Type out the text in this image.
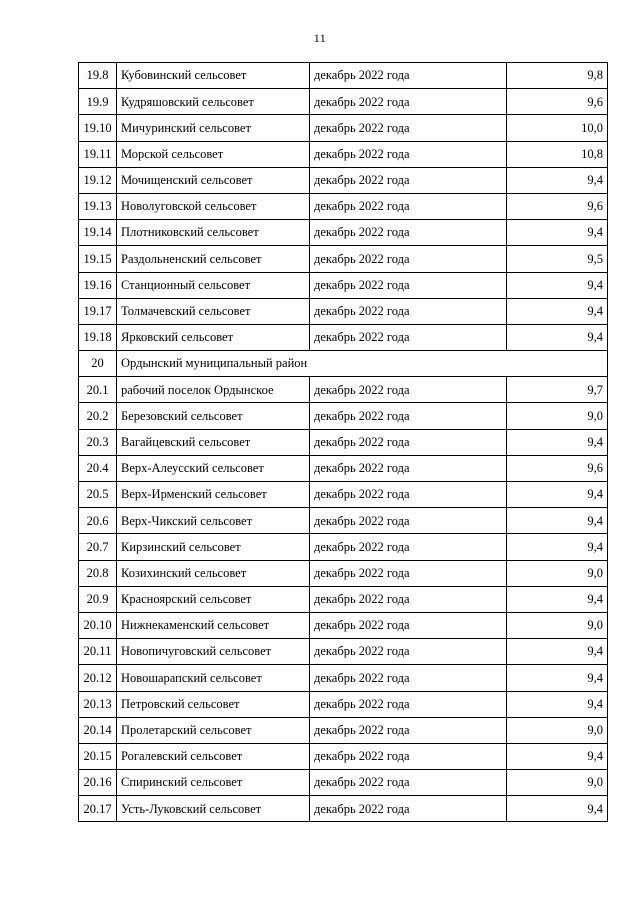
11
19.8	Кубовинский сельсовет	декабрь 2022 года	9,8
19.9	Кудряшовский сельсовет	декабрь 2022 года	9,6
19.10	Мичуринский сельсовет	декабрь 2022 года	10,0
19.11	Морской сельсовет	декабрь 2022 года	10,8
19.12	Мочищенский сельсовет	декабрь 2022 года	9,4
19.13	Новолуговской сельсовет	декабрь 2022 года	9,6
19.14	Плотниковский сельсовет	декабрь 2022 года	9,4
19.15	Раздольненский сельсовет	декабрь 2022 года	9,5
19.16	Станционный сельсовет	декабрь 2022 года	9,4
19.17	Толмачевский сельсовет	декабрь 2022 года	9,4
19.18	Ярковский сельсовет	декабрь 2022 года	9,4
20	Ордынский муниципальный район		
20.1	рабочий поселок Ордынское	декабрь 2022 года	9,7
20.2	Березовский сельсовет	декабрь 2022 года	9,0
20.3	Вагайцевский сельсовет	декабрь 2022 года	9,4
20.4	Верх-Алеусский сельсовет	декабрь 2022 года	9,6
20.5	Верх-Ирменский сельсовет	декабрь 2022 года	9,4
20.6	Верх-Чикский сельсовет	декабрь 2022 года	9,4
20.7	Кирзинский сельсовет	декабрь 2022 года	9,4
20.8	Козихинский сельсовет	декабрь 2022 года	9,0
20.9	Красноярский сельсовет	декабрь 2022 года	9,4
20.10	Нижнекаменский сельсовет	декабрь 2022 года	9,0
20.11	Новопичуговский сельсовет	декабрь 2022 года	9,4
20.12	Новошарапский сельсовет	декабрь 2022 года	9,4
20.13	Петровский сельсовет	декабрь 2022 года	9,4
20.14	Пролетарский сельсовет	декабрь 2022 года	9,0
20.15	Рогалевский сельсовет	декабрь 2022 года	9,4
20.16	Спиринский сельсовет	декабрь 2022 года	9,0
20.17	Усть-Луковский сельсовет	декабрь 2022 года	9,4
